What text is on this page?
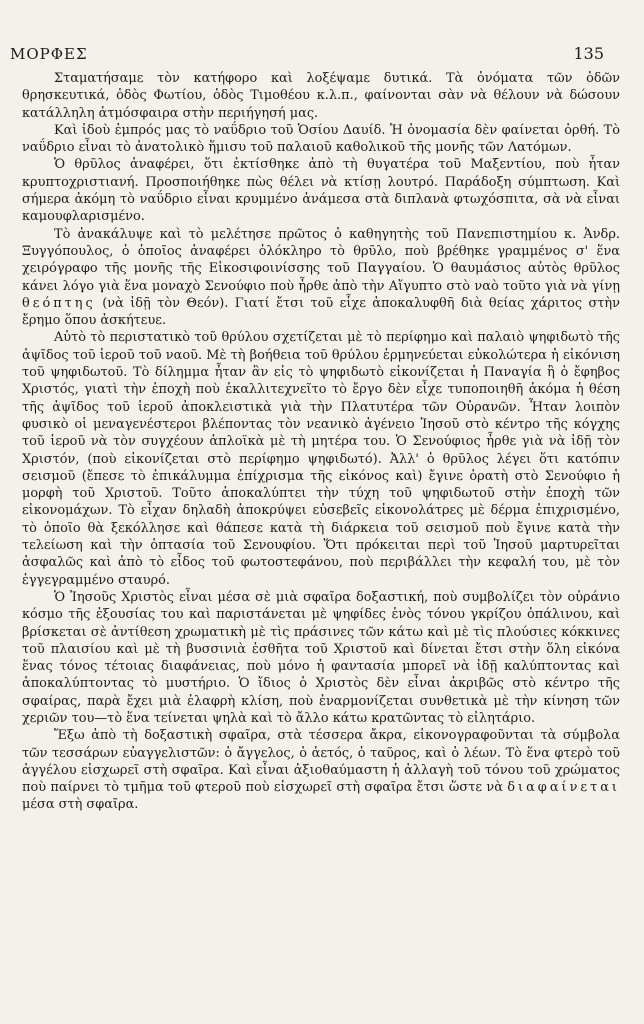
ΜΟΡΦΕΣ	135

Σταματήσαμε τὸν κατήφορο καὶ λοξέψαμε δυτικά. Τὰ ὀνόματα τῶν ὁδῶν θρησκευτικά, ὁδὸς Φωτίου, ὁδὸς Τιμοθέου κ.λ.π., φαίνονται σὰν νὰ θέλουν νὰ δώσουν κατάλληλη ἀτμόσφαιρα στὴν περιήγησή μας.

Καὶ ἰδοὺ ἐμπρός μας τὸ ναΰδριο τοῦ Ὁσίου Δαυίδ. Ἡ ὀνομασία δὲν φαίνεται ὀρθή. Τὸ ναΰδριο εἶναι τὸ ἀνατολικὸ ἥμισυ τοῦ παλαιοῦ καθολικοῦ τῆς μονῆς τῶν Λατόμων.

Ὁ θρῦλος ἀναφέρει, ὅτι ἐκτίσθηκε ἀπὸ τὴ θυγατέρα τοῦ Μαξεντίου, ποὺ ἦταν κρυπτοχριστιανή. Προσποιήθηκε πὼς θέλει νὰ κτίσῃ λουτρό. Παράδοξη σύμπτωση. Καὶ σήμερα ἀκόμη τὸ ναΰδριο εἶναι κρυμμένο ἀνάμεσα στὰ διπλανὰ φτωχόσπιτα, σὰ νὰ εἶναι καμουφλαρισμένο.

Τὸ ἀνακάλυψε καὶ τὸ μελέτησε πρῶτος ὁ καθηγητὴς τοῦ Πανεπιστημίου κ. Ἀνδρ. Ξυγγόπουλος, ὁ ὁποῖος ἀναφέρει ὁλόκληρο τὸ θρῦλο, ποὺ βρέθηκε γραμμένος σ' ἕνα χειρόγραφο τῆς μονῆς τῆς Εἰκοσιφοινίσσης τοῦ Παγγαίου. Ὁ θαυμάσιος αὐτὸς θρῦλος κάνει λόγο γιὰ ἕνα μοναχὸ Σενούφιο ποὺ ἦρθε ἀπὸ τὴν Αἴγυπτο στὸ ναὸ τοῦτο γιὰ νὰ γίνῃ θεόπτης (νὰ ἰδῇ τὸν Θεόν). Γιατί ἔτσι τοῦ εἶχε ἀποκαλυφθῆ διὰ θείας χάριτος στὴν ἔρημο ὅπου ἀσκήτευε.

Αὐτὸ τὸ περιστατικὸ τοῦ θρύλου σχετίζεται μὲ τὸ περίφημο καὶ παλαιὸ ψηφιδωτὸ τῆς ἀψῖδος τοῦ ἱεροῦ τοῦ ναοῦ. Μὲ τὴ βοήθεια τοῦ θρύλου ἑρμηνεύεται εὐκολώτερα ἡ εἰκόνιση τοῦ ψηφιδωτοῦ. Τὸ δίλημμα ἦταν ἂν εἰς τὸ ψηφιδωτὸ εἰκονίζεται ἡ Παναγία ἢ ὁ ἔφηβος Χριστός, γιατὶ τὴν ἐποχὴ ποὺ ἐκαλλιτεχνεῖτο τὸ ἔργο δὲν εἶχε τυποποιηθῆ ἀκόμα ἡ θέση τῆς ἀψῖδος τοῦ ἱεροῦ ἀποκλειστικὰ γιὰ τὴν Πλατυτέρα τῶν Οὐρανῶν. Ἦταν λοιπὸν φυσικὸ οἱ μεναγενέστεροι βλέποντας τὸν νεανικὸ ἀγένειο Ἰησοῦ στὸ κέντρο τῆς κόγχης τοῦ ἱεροῦ νὰ τὸν συγχέουν ἁπλοϊκὰ μὲ τὴ μητέρα του. Ὁ Σενούφιος ἦρθε γιὰ νὰ ἰδῇ τὸν Χριστόν, (ποὺ εἰκονίζεται στὸ περίφημο ψηφιδωτό). Ἀλλ' ὁ θρῦλος λέγει ὅτι κατόπιν σεισμοῦ (ἔπεσε τὸ ἐπικάλυμμα ἐπίχρισμα τῆς εἰκόνος καὶ) ἔγινε ὁρατὴ στὸ Σενούφιο ἡ μορφὴ τοῦ Χριστοῦ. Τοῦτο ἀποκαλύπτει τὴν τύχη τοῦ ψηφιδωτοῦ στὴν ἐποχὴ τῶν εἰκονομάχων. Τὸ εἶχαν δηλαδὴ ἀποκρύψει εὐσεβεῖς εἰκονολάτρες μὲ δέρμα ἐπιχρισμένο, τὸ ὁποῖο θὰ ξεκόλλησε καὶ θάπεσε κατὰ τὴ διάρκεια τοῦ σεισμοῦ ποὺ ἔγινε κατὰ τὴν τελείωση καὶ τὴν ὀπτασία τοῦ Σενουφίου. Ὅτι πρόκειται περὶ τοῦ Ἰησοῦ μαρτυρεῖται ἀσφαλῶς καὶ ἀπὸ τὸ εἶδος τοῦ φωτοστεφάνου, ποὺ περιβάλλει τὴν κεφαλή του, μὲ τὸν ἐγγεγραμμένο σταυρό.

Ὁ Ἰησοῦς Χριστὸς εἶναι μέσα σὲ μιὰ σφαῖρα δοξαστική, ποὺ συμβολίζει τὸν οὐράνιο κόσμο τῆς ἐξουσίας του καὶ παριστάνεται μὲ ψηφίδες ἑνὸς τόνου γκρίζου ὀπάλινου, καὶ βρίσκεται σὲ ἀντίθεση χρωματικὴ μὲ τὶς πράσινες τῶν κάτω καὶ μὲ τὶς πλούσιες κόκκινες τοῦ πλαισίου καὶ μὲ τὴ βυσσινιὰ ἐσθῆτα τοῦ Χριστοῦ καὶ δίνεται ἔτσι στὴν ὅλη εἰκόνα ἕνας τόνος τέτοιας διαφάνειας, ποὺ μόνο ἡ φαντασία μπορεῖ νὰ ἰδῇ καλύπτοντας καὶ ἀποκαλύπτοντας τὸ μυστήριο. Ὁ ἴδιος ὁ Χριστὸς δὲν εἶναι ἀκριβῶς στὸ κέντρο τῆς σφαίρας, παρὰ ἔχει μιὰ ἐλαφρὴ κλίση, ποὺ ἐναρμονίζεται συνθετικὰ μὲ τὴν κίνηση τῶν χεριῶν του—τὸ ἕνα τείνεται ψηλὰ καὶ τὸ ἄλλο κάτω κρατῶντας τὸ εἰλητάριο.

Ἔξω ἀπὸ τὴ δοξαστικὴ σφαῖρα, στὰ τέσσερα ἄκρα, εἰκονογραφοῦνται τὰ σύμβολα τῶν τεσσάρων εὐαγγελιστῶν: ὁ ἄγγελος, ὁ ἀετός, ὁ ταῦρος, καὶ ὁ λέων. Τὸ ἕνα φτερὸ τοῦ ἀγγέλου εἰσχωρεῖ στὴ σφαῖρα. Καὶ εἶναι ἀξιοθαύμαστη ἡ ἀλλαγὴ τοῦ τόνου τοῦ χρώματος ποὺ παίρνει τὸ τμῆμα τοῦ φτεροῦ ποὺ εἰσχωρεῖ στὴ σφαῖρα ἔτσι ὥστε νὰ διαφαίνεται μέσα στὴ σφαῖρα.
